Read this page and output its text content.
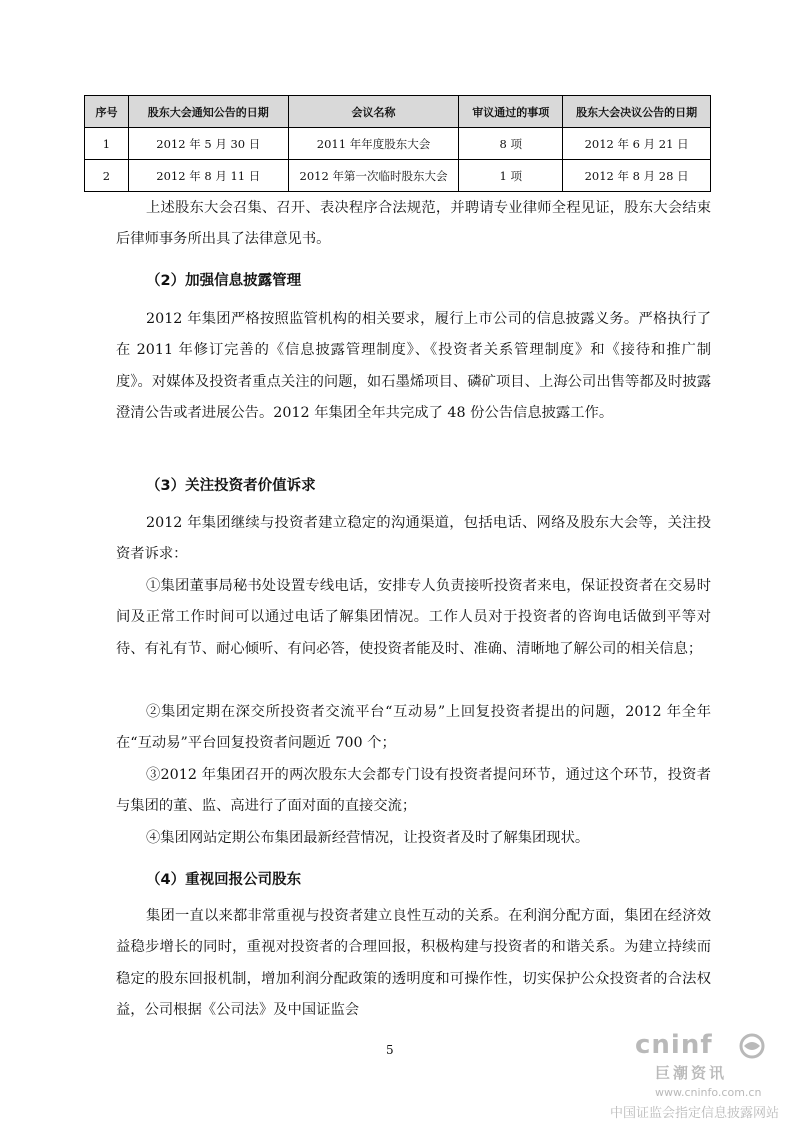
序号	股东大会通知公告的日期	会议名称	审议通过的事项	股东大会决议公告的日期
1	2012 年 5 月 30 日	2011 年年度股东大会	8 项	2012 年 6 月 21 日
2	2012 年 8 月 11 日	2012 年第一次临时股东大会	1 项	2012 年 8 月 28 日

上述股东大会召集、召开、表决程序合法规范，并聘请专业律师全程见证，股东大会结束后律师事务所出具了法律意见书。

（2）加强信息披露管理

2012 年集团严格按照监管机构的相关要求，履行上市公司的信息披露义务。严格执行了在 2011 年修订完善的《信息披露管理制度》、《投资者关系管理制度》和《接待和推广制度》。对媒体及投资者重点关注的问题，如石墨烯项目、磷矿项目、上海公司出售等都及时披露澄清公告或者进展公告。2012 年集团全年共完成了 48 份公告信息披露工作。

（3）关注投资者价值诉求

2012 年集团继续与投资者建立稳定的沟通渠道，包括电话、网络及股东大会等，关注投资者诉求：

①集团董事局秘书处设置专线电话，安排专人负责接听投资者来电，保证投资者在交易时间及正常工作时间可以通过电话了解集团情况。工作人员对于投资者的咨询电话做到平等对待、有礼有节、耐心倾听、有问必答，使投资者能及时、准确、清晰地了解公司的相关信息；

②集团定期在深交所投资者交流平台“互动易”上回复投资者提出的问题，2012 年全年在“互动易”平台回复投资者问题近 700 个；

③2012 年集团召开的两次股东大会都专门设有投资者提问环节，通过这个环节，投资者与集团的董、监、高进行了面对面的直接交流；

④集团网站定期公布集团最新经营情况，让投资者及时了解集团现状。

（4）重视回报公司股东

集团一直以来都非常重视与投资者建立良性互动的关系。在利润分配方面，集团在经济效益稳步增长的同时，重视对投资者的合理回报，积极构建与投资者的和谐关系。为建立持续而稳定的股东回报机制，增加利润分配政策的透明度和可操作性，切实保护公众投资者的合法权益，公司根据《公司法》及中国证监会

5	cninf
巨潮资讯
www.cninfo.com.cn
中国证监会指定信息披露网站
